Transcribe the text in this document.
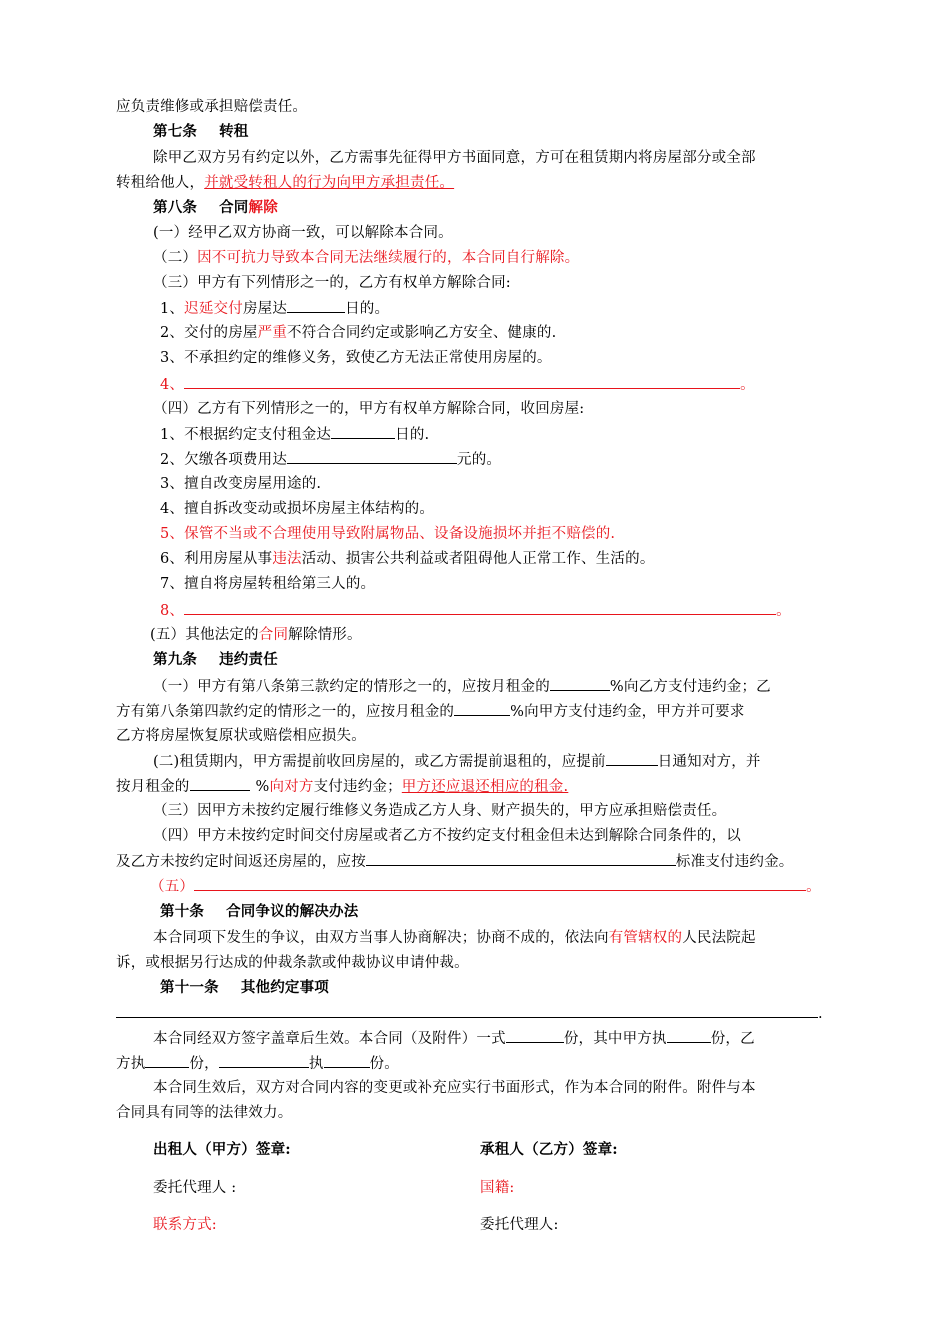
应负责维修或承担赔偿责任。
第七条 转租
除甲乙双方另有约定以外，乙方需事先征得甲方书面同意，方可在租赁期内将房屋部分或全部
转租给他人，并就受转租人的行为向甲方承担责任。
第八条 合同解除
(一）经甲乙双方协商一致，可以解除本合同。
（二）因不可抗力导致本合同无法继续履行的，本合同自行解除。
（三）甲方有下列情形之一的，乙方有权单方解除合同:
1、迟延交付房屋达	日的。
2、交付的房屋严重不符合合同约定或影响乙方安全、健康的.
3、不承担约定的维修义务，致使乙方无法正常使用房屋的。
4、	。
（四）乙方有下列情形之一的，甲方有权单方解除合同，收回房屋:
1、不根据约定支付租金达	日的.
2、欠缴各项费用达	元的。
3、擅自改变房屋用途的.
4、擅自拆改变动或损坏房屋主体结构的。
5、保管不当或不合理使用导致附属物品、设备设施损坏并拒不赔偿的.
6、利用房屋从事违法活动、损害公共利益或者阻碍他人正常工作、生活的。
7、擅自将房屋转租给第三人的。
8、	。
(五）其他法定的合同解除情形。
第九条 违约责任
（一）甲方有第八条第三款约定的情形之一的，应按月租金的	%向乙方支付违约金；乙
方有第八条第四款约定的情形之一的，应按月租金的	%向甲方支付违约金，甲方并可要求
乙方将房屋恢复原状或赔偿相应损失。
(二)租赁期内，甲方需提前收回房屋的，或乙方需提前退租的，应提前	日通知对方，并
按月租金的	%向对方支付违约金；甲方还应退还相应的租金.
（三）因甲方未按约定履行维修义务造成乙方人身、财产损失的，甲方应承担赔偿责任。
（四）甲方未按约定时间交付房屋或者乙方不按约定支付租金但未达到解除合同条件的，以
及乙方未按约定时间返还房屋的，应按	标准支付违约金。
（五）	。
第十条 合同争议的解决办法
本合同项下发生的争议，由双方当事人协商解决；协商不成的，依法向有管辖权的人民法院起
诉，或根据另行达成的仲裁条款或仲裁协议申请仲裁。
第十一条 其他约定事项
.
本合同经双方签字盖章后生效。本合同（及附件）一式	份，其中甲方执	份，乙
方执	份，	执	份。
本合同生效后，双方对合同内容的变更或补充应实行书面形式，作为本合同的附件。附件与本
合同具有同等的法律效力。
出租人（甲方）签章:	承租人（乙方）签章:
委托代理人 :	国籍:
联系方式:	委托代理人:
